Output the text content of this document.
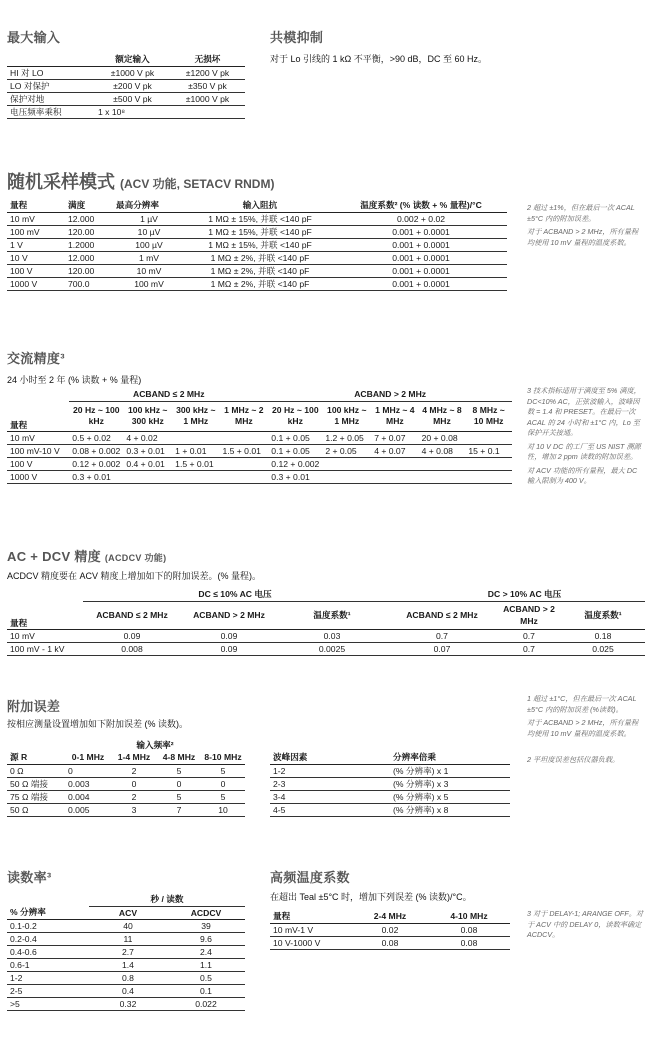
最大输入
	额定输入	无损坏
HI 对 LO	±1000 V pk	±1200 V pk
LO 对保护	±200 V pk	±350 V pk
保护对地	±500 V pk	±1000 V pk
电压频率乘积	1 x 10⁸	
共模抑制
对于 Lo 引线的 1 kΩ 不平衡，>90 dB，DC 至 60 Hz。
随机采样模式 (ACV 功能, SETACV RNDM)
量程	满度	最高分辨率	输入阻抗	温度系数² (% 读数 + % 量程)/°C
10 mV	12.000	1 µV	1 MΩ ± 15%, 并联 <140 pF	0.002 + 0.02
100 mV	120.00	10 µV	1 MΩ ± 15%, 并联 <140 pF	0.001 + 0.0001
1 V	1.2000	100 µV	1 MΩ ± 15%, 并联 <140 pF	0.001 + 0.0001
10 V	12.000	1 mV	1 MΩ ± 2%, 并联 <140 pF	0.001 + 0.0001
100 V	120.00	10 mV	1 MΩ ± 2%, 并联 <140 pF	0.001 + 0.0001
1000 V	700.0	100 mV	1 MΩ ± 2%, 并联 <140 pF	0.001 + 0.0001

2 超过 ±1%，但在最后一次 ACAL ±5°C 内的附加误差。

对于 ACBAND > 2 MHz，所有量程均使用 10 mV 量程的温度系数。

交流精度³
24 小时至 2 年 (% 读数 + % 量程)
	ACBAND ≤ 2 MHz				ACBAND > 2 MHz				
量程	20 Hz ~ 100 kHz	100 kHz ~ 300 kHz	300 kHz ~ 1 MHz	1 MHz ~ 2 MHz	20 Hz ~ 100 kHz	100 kHz ~ 1 MHz	1 MHz ~ 4 MHz	4 MHz ~ 8 MHz	8 MHz ~ 10 MHz
10 mV	0.5 + 0.02	4 + 0.02			0.1 + 0.05	1.2 + 0.05	7 + 0.07	20 + 0.08	
100 mV-10 V	0.08 + 0.002	0.3 + 0.01	1 + 0.01	1.5 + 0.01	0.1 + 0.05	2 + 0.05	4 + 0.07	4 + 0.08	15 + 0.1
100 V	0.12 + 0.002	0.4 + 0.01	1.5 + 0.01		0.12 + 0.002				
1000 V	0.3 + 0.01				0.3 + 0.01				

3 技术指标适用于满度至 5% 满度，DC<10% AC，正弦波输入，波峰因数 = 1.4 和 PRESET。在最后一次 ACAL 的 24 小时和 ±1°C 内，Lo 至保护开关接通。

对 10 V DC 的工厂至 US NIST 溯源性，增加 2 ppm 读数的附加误差。

对 ACV 功能的所有量程，最大 DC 输入限制为 400 V。

AC + DCV 精度 (ACDCV 功能)
ACDCV 精度要在 ACV 精度上增加如下的附加误差。(% 量程)。
	DC ≤ 10% AC 电压			DC > 10% AC 电压		
量程	ACBAND ≤ 2 MHz	ACBAND > 2 MHz	温度系数¹	ACBAND ≤ 2 MHz	ACBAND > 2 MHz	温度系数¹
10 mV	0.09	0.09	0.03	0.7	0.7	0.18
100 mV - 1 kV	0.008	0.09	0.0025	0.07	0.7	0.025
附加误差
按相应测量设置增加如下附加误差 (% 读数)。
	输入频率²			
源 R	0-1 MHz	1-4 MHz	4-8 MHz	8-10 MHz
0 Ω	0	2	5	5
50 Ω 端接	0.003	0	0	0
75 Ω 端接	0.004	2	5	5
50 Ω	0.005	3	7	10
波峰因素	分辨率倍乘
1-2	(% 分辨率) x 1
2-3	(% 分辨率) x 3
3-4	(% 分辨率) x 5
4-5	(% 分辨率) x 8

1 超过 ±1°C，但在最后一次 ACAL ±5°C 内的附加误差 (%读数)。

对于 ACBAND > 2 MHz，所有量程均使用 10 mV 量程的温度系数。

2 平坦度误差包括仪器负载。

读数率³
	秒 / 读数	
% 分辨率	ACV	ACDCV
0.1-0.2	40	39
0.2-0.4	11	9.6
0.4-0.6	2.7	2.4
0.6-1	1.4	1.1
1-2	0.8	0.5
2-5	0.4	0.1
>5	0.32	0.022
高频温度系数
在超出 Teal ±5°C 时，增加下列误差 (% 读数)/°C。
量程	2-4 MHz	4-10 MHz
10 mV-1 V	0.02	0.08
10 V-1000 V	0.08	0.08

3 对于 DELAY-1; ARANGE OFF。对于 ACV 中的 DELAY 0，读数率确定 ACDCV。
